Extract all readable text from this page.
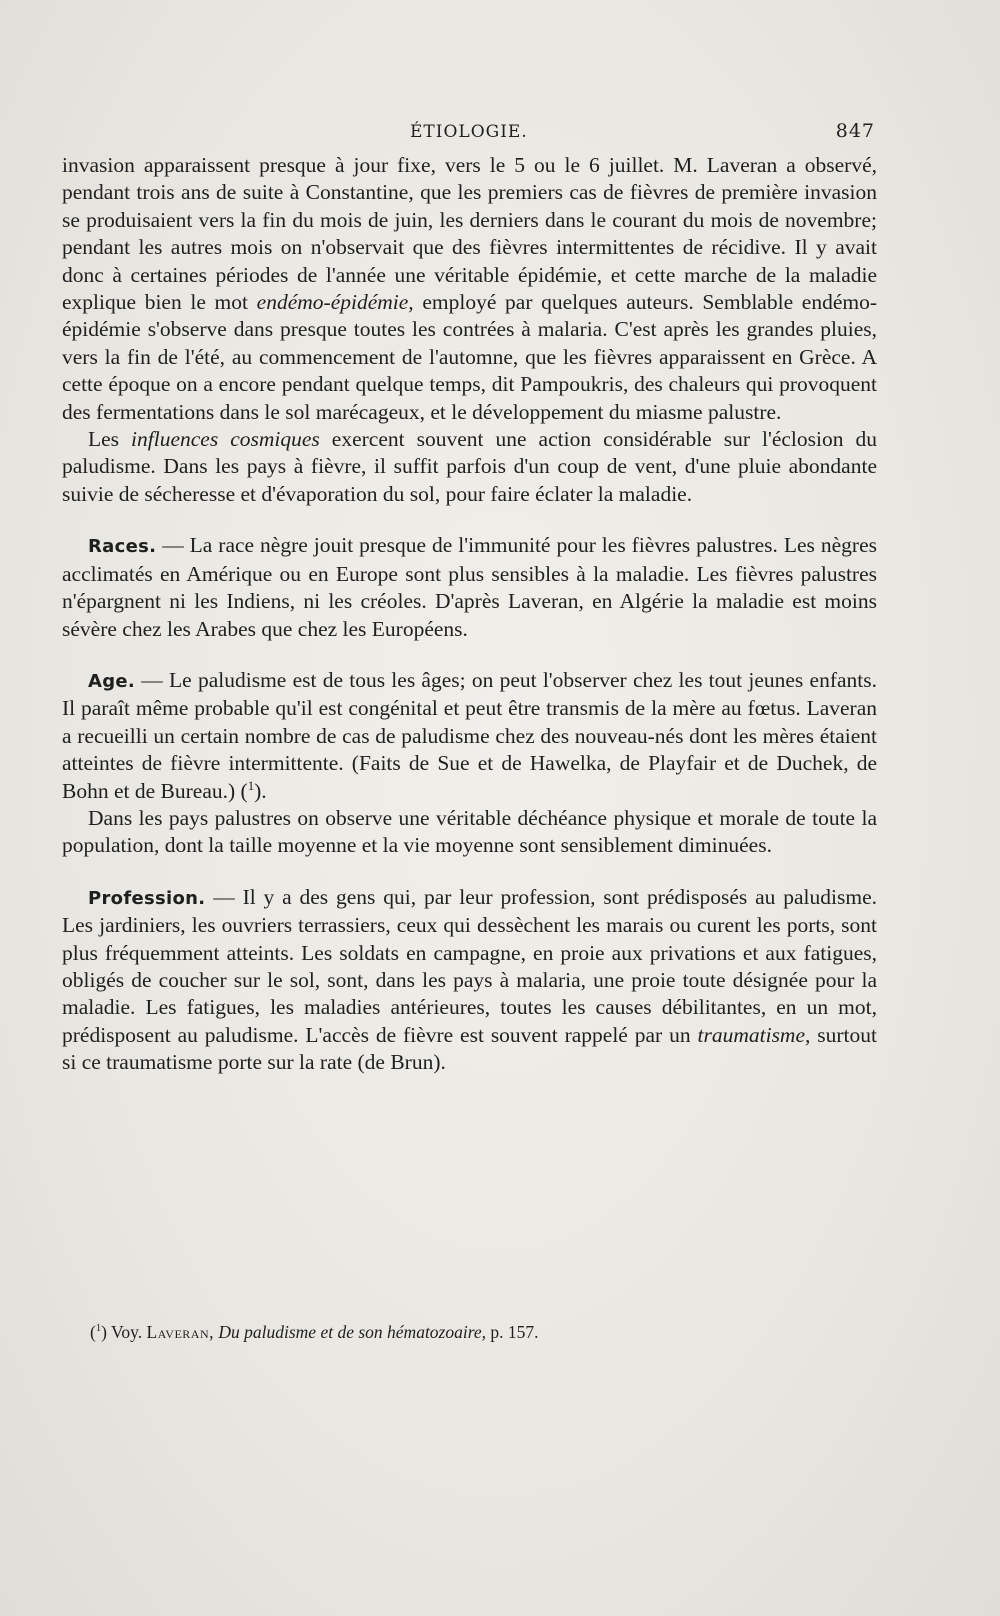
ÉTIOLOGIE.	847

invasion apparaissent presque à jour fixe, vers le 5 ou le 6 juillet. M. Laveran a observé, pendant trois ans de suite à Constantine, que les premiers cas de fièvres de première invasion se produisaient vers la fin du mois de juin, les derniers dans le courant du mois de novembre; pendant les autres mois on n'observait que des fièvres intermittentes de récidive. Il y avait donc à certaines périodes de l'année une véritable épidémie, et cette marche de la maladie explique bien le mot endémo-épidémie, employé par quelques auteurs. Semblable endémo-épidémie s'observe dans presque toutes les contrées à malaria. C'est après les grandes pluies, vers la fin de l'été, au commencement de l'automne, que les fièvres apparaissent en Grèce. A cette époque on a encore pendant quelque temps, dit Pampoukris, des chaleurs qui provoquent des fermentations dans le sol marécageux, et le développement du miasme palustre.

Les influences cosmiques exercent souvent une action considérable sur l'éclosion du paludisme. Dans les pays à fièvre, il suffit parfois d'un coup de vent, d'une pluie abondante suivie de sécheresse et d'évaporation du sol, pour faire éclater la maladie.

Races. — La race nègre jouit presque de l'immunité pour les fièvres palustres. Les nègres acclimatés en Amérique ou en Europe sont plus sensibles à la maladie. Les fièvres palustres n'épargnent ni les Indiens, ni les créoles. D'après Laveran, en Algérie la maladie est moins sévère chez les Arabes que chez les Européens.

Age. — Le paludisme est de tous les âges; on peut l'observer chez les tout jeunes enfants. Il paraît même probable qu'il est congénital et peut être transmis de la mère au fœtus. Laveran a recueilli un certain nombre de cas de paludisme chez des nouveau-nés dont les mères étaient atteintes de fièvre intermittente. (Faits de Sue et de Hawelka, de Playfair et de Duchek, de Bohn et de Bureau.) ($^1$).

Dans les pays palustres on observe une véritable déchéance physique et morale de toute la population, dont la taille moyenne et la vie moyenne sont sensiblement diminuées.

Profession. — Il y a des gens qui, par leur profession, sont prédisposés au paludisme. Les jardiniers, les ouvriers terrassiers, ceux qui dessèchent les marais ou curent les ports, sont plus fréquemment atteints. Les soldats en campagne, en proie aux privations et aux fatigues, obligés de coucher sur le sol, sont, dans les pays à malaria, une proie toute désignée pour la maladie. Les fatigues, les maladies antérieures, toutes les causes débilitantes, en un mot, prédisposent au paludisme. L'accès de fièvre est souvent rappelé par un traumatisme, surtout si ce traumatisme porte sur la rate (de Brun).

($^1$) Voy. Laveran, Du paludisme et de son hématozoaire, p. 157.
